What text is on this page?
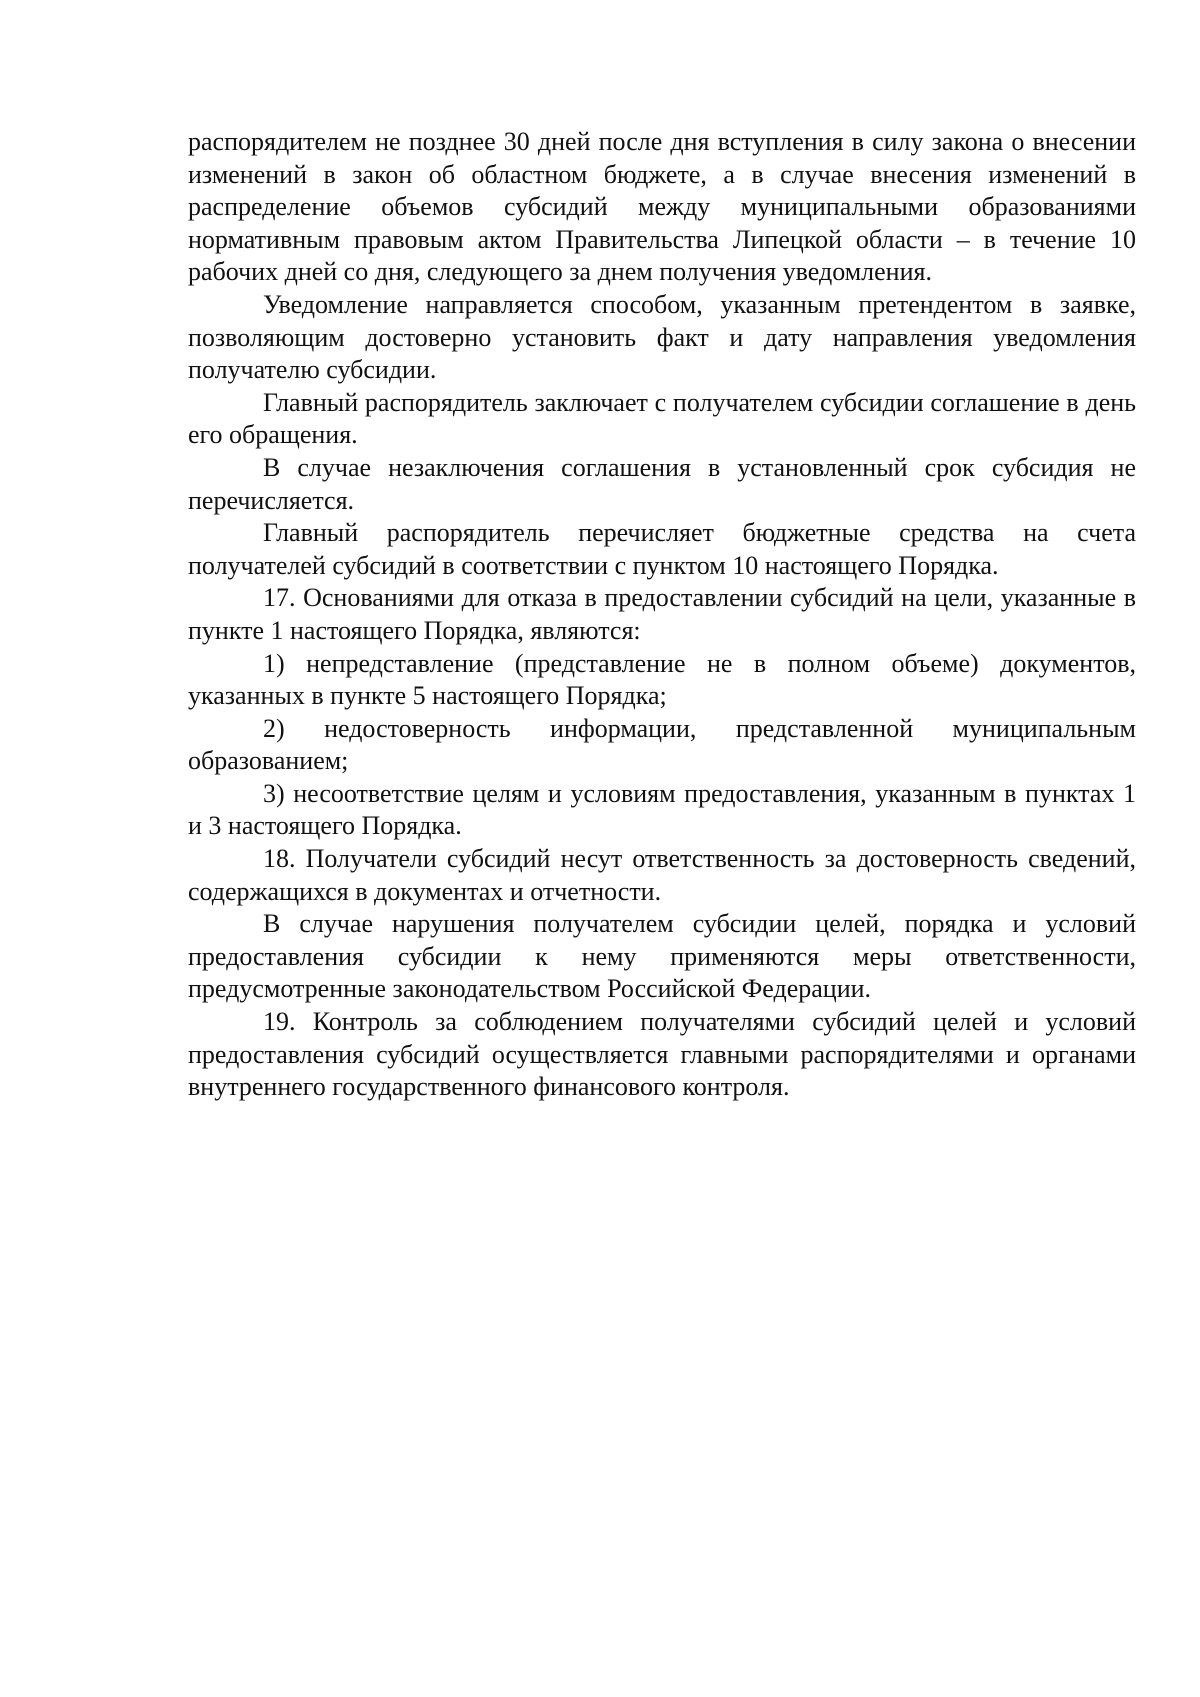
распорядителем не позднее 30 дней после дня вступления в силу закона о внесении изменений в закон об областном бюджете, а в случае внесения изменений в распределение объемов субсидий между муниципальными образованиями нормативным правовым актом Правительства Липецкой области – в течение 10 рабочих дней со дня, следующего за днем получения уведомления.

Уведомление направляется способом, указанным претендентом в заявке, позволяющим достоверно установить факт и дату направления уведомления получателю субсидии.

Главный распорядитель заключает с получателем субсидии соглашение в день его обращения.

В случае незаключения соглашения в установленный срок субсидия не перечисляется.

Главный распорядитель перечисляет бюджетные средства на счета получателей субсидий в соответствии с пунктом 10 настоящего Порядка.

17. Основаниями для отказа в предоставлении субсидий на цели, указанные в пункте 1 настоящего Порядка, являются:

1) непредставление (представление не в полном объеме) документов, указанных в пункте 5 настоящего Порядка;

2) недостоверность информации, представленной муниципальным образованием;

3) несоответствие целям и условиям предоставления, указанным в пунктах 1 и 3 настоящего Порядка.

18. Получатели субсидий несут ответственность за достоверность сведений, содержащихся в документах и отчетности.

В случае нарушения получателем субсидии целей, порядка и условий предоставления субсидии к нему применяются меры ответственности, предусмотренные законодательством Российской Федерации.

19. Контроль за соблюдением получателями субсидий целей и условий предоставления субсидий осуществляется главными распорядителями и органами внутреннего государственного финансового контроля.
